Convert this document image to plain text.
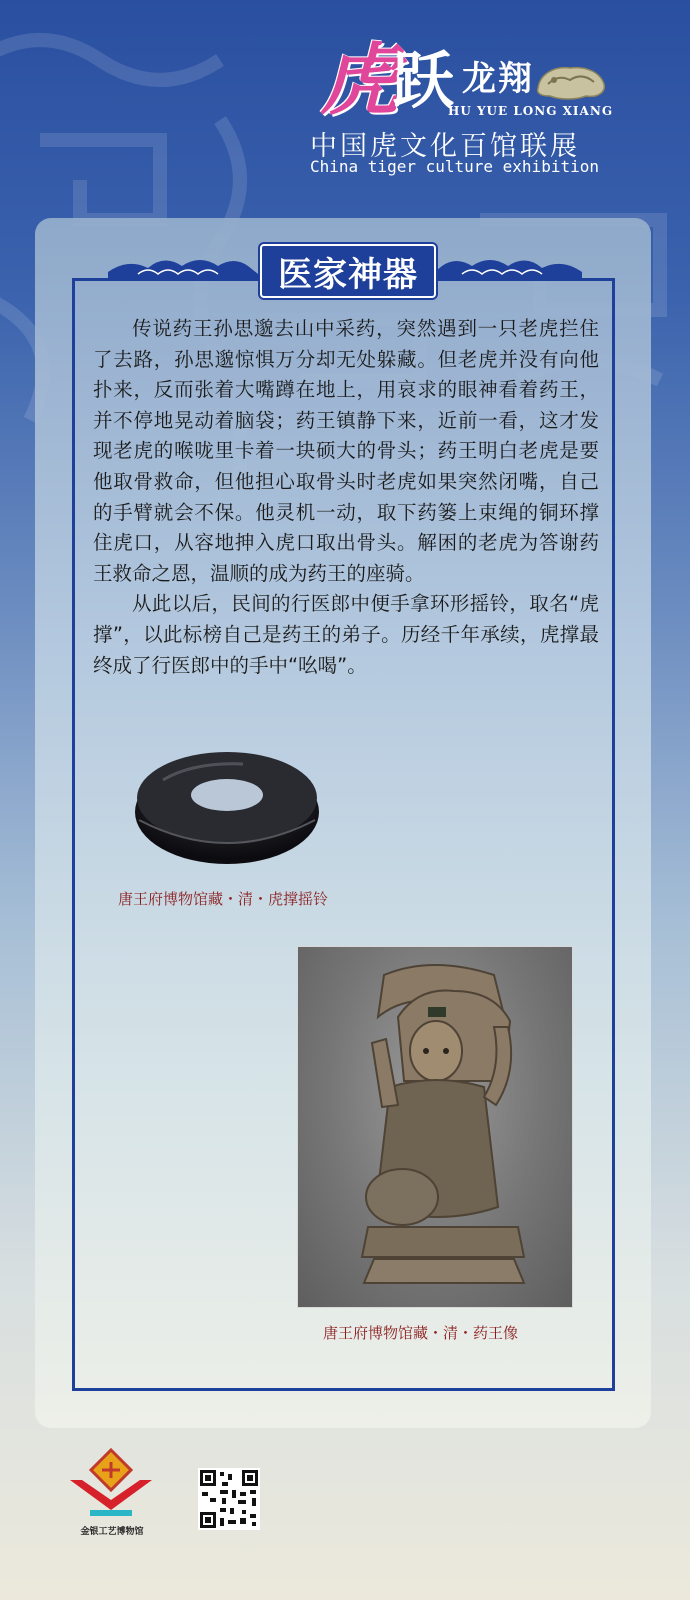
虎
跃 龙翔
HU YUE LONG XIANG
中国虎文化百馆联展
China tiger culture exhibition
医家神器

传说药王孙思邈去山中采药，突然遇到一只老虎拦住了去路，孙思邈惊惧万分却无处躲藏。但老虎并没有向他扑来，反而张着大嘴蹲在地上，用哀求的眼神看着药王，并不停地晃动着脑袋；药王镇静下来，近前一看，这才发现老虎的喉咙里卡着一块硕大的骨头；药王明白老虎是要他取骨救命，但他担心取骨头时老虎如果突然闭嘴，自己的手臂就会不保。他灵机一动，取下药篓上束绳的铜环撑住虎口，从容地抻入虎口取出骨头。解困的老虎为答谢药王救命之恩，温顺的成为药王的座骑。

从此以后，民间的行医郎中便手拿环形摇铃，取名“虎撑”，以此标榜自己是药王的弟子。历经千年承续，虎撑最终成了行医郎中的手中“吆喝”。

唐王府博物馆藏・清・虎撑摇铃
唐王府博物馆藏・清・药王像
金银工艺博物馆
